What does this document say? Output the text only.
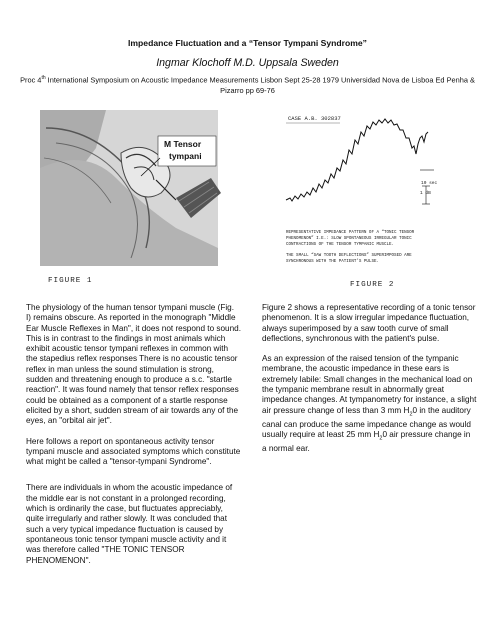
Impedance Fluctuation and a “Tensor Tympani Syndrome”
Ingmar Klochoff M.D. Uppsala Sweden
Proc 4th International Symposium on Acoustic Impedance Measurements Lisbon Sept 25-28 1979 Universidad Nova de Lisboa Ed Penha & Pizarro pp 69-76
M Tensor
tympani
FIGURE 1
CASE A.B. 302837
10 sec
1 dB
REPRESENTATIVE IMPEDANCE PATTERN OF A “TONIC TENSOR
PHENOMENON” I.E.: SLOW SPONTANEOUS IRREGULAR TONIC
CONTRACTIONS OF THE TENSOR TYMPANIC MUSCLE.
THE SMALL “SAW TOOTH DEFLECTIONS” SUPERIMPOSED ARE
SYNCHRONOUS WITH THE PATIENT’S PULSE.
FIGURE 2

The physiology of the human tensor tympani muscle (Fig. I) remains obscure. As reported in the monograph "Middle Ear Muscle Reflexes in Man", it does not respond to sound. This is in contrast to the findings in most animals which exhibit acoustic tensor tympani reflexes in common with the stapedius reflex responses There is no acoustic tensor reflex in man unless the sound stimulation is strong, sudden and threatening enough to produce a s.c. "startle reaction". It was found namely that tensor reflex responses could be obtained as a component of a startle response elicited by a short, sudden stream of air towards any of the eyes, an "orbital air jet".

Here follows a report on spontaneous activity tensor tympani muscle and associated symptoms which constitute what might be called a "tensor-tympani Syndrome".

There are individuals in whom the acoustic impedance of the middle ear is not constant in a prolonged recording, which is ordinarily the case, but fluctuates appreciably, quite irregularly and rather slowly. It was concluded that such a very typical impedance fluctuation is caused by spontaneous tonic tensor tympani muscle activity and it was therefore called "THE TONIC TENSOR PHENOMENON".

Figure 2 shows a representative recording of a tonic tensor phenomenon. It is a slow irregular impedance fluctuation, always superimposed by a saw tooth curve of small deflections, synchronous with the patient's pulse.

As an expression of the raised tension of the tympanic membrane, the acoustic impedance in these ears is extremely labile: Small changes in the mechanical load on the tympanic membrane result in abnormally great impedance changes. At tympanometry for instance, a slight air pressure change of less than 3 mm $H_20$ in the auditory canal can produce the same impedance change as would usually require at least 25 mm $H_20$ air pressure change in a normal ear.
